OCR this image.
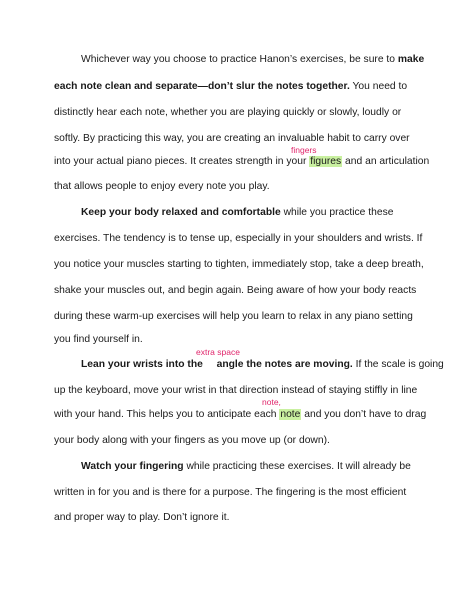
Whichever way you choose to practice Hanon’s exercises, be sure to make
each note clean and separate—don’t slur the notes together. You need to
distinctly hear each note, whether you are playing quickly or slowly, loudly or
softly. By practicing this way, you are creating an invaluable habit to carry over
fingers
into your actual piano pieces. It creates strength in your figures and an articulation
that allows people to enjoy every note you play.
Keep your body relaxed and comfortable while you practice these
exercises. The tendency is to tense up, especially in your shoulders and wrists. If
you notice your muscles starting to tighten, immediately stop, take a deep breath,
shake your muscles out, and begin again. Being aware of how your body reacts
during these warm-up exercises will help you learn to relax in any piano setting
you find yourself in.
extra space
Lean your wrists into the  angle the notes are moving. If the scale is going
up the keyboard, move your wrist in that direction instead of staying stiffly in line
note,
with your hand. This helps you to anticipate each note and you don’t have to drag
your body along with your fingers as you move up (or down).
Watch your fingering while practicing these exercises. It will already be
written in for you and is there for a purpose. The fingering is the most efficient
and proper way to play. Don’t ignore it.
